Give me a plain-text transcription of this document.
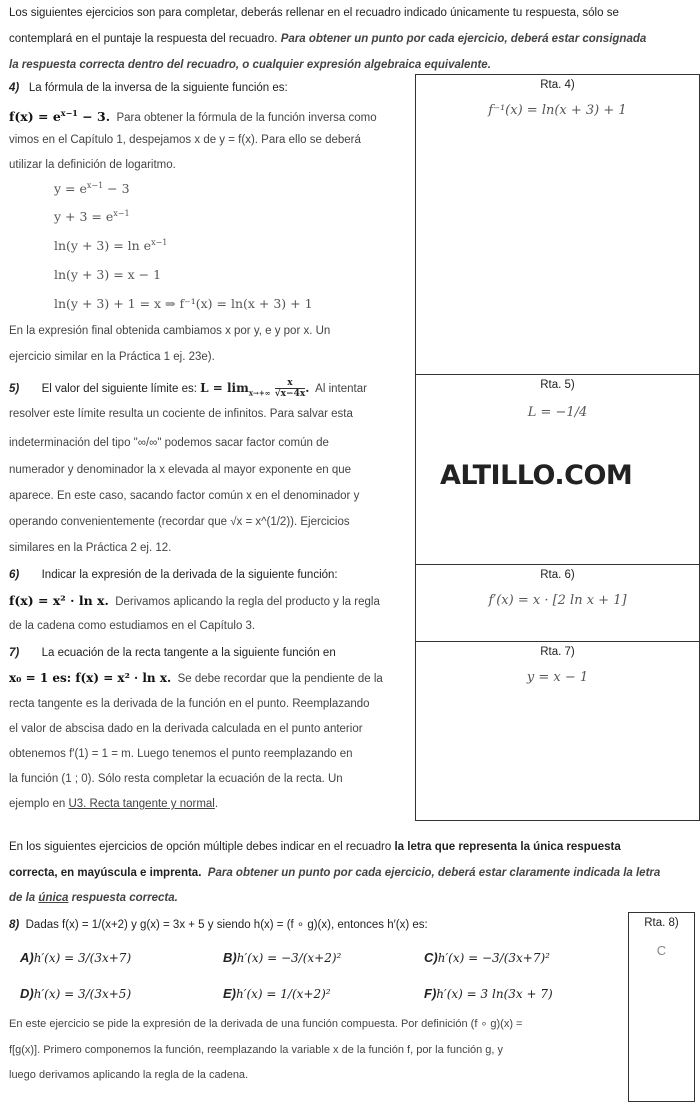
Los siguientes ejercicios son para completar, deberás rellenar en el recuadro indicado únicamente tu respuesta, sólo se
contemplará en el puntaje la respuesta del recuadro. Para obtener un punto por cada ejercicio, deberá estar consignada
la respuesta correcta dentro del recuadro, o cualquier expresión algebraica equivalente.
4) La fórmula de la inversa de la siguiente función es:
$f(x) = e^{x-1} - 3$. Para obtener la fórmula de la función inversa como
vimos en el Capítulo 1, despejamos x de y = f(x). Para ello se deberá
utilizar la definición de logaritmo.
$y = e^{x-1} - 3$
$y + 3 = e^{x-1}$
$\ln(y + 3) = \ln e^{x-1}$
ln(y + 3) = x − 1
ln(y + 3) + 1 = x ⇒ f⁻¹(x) = ln(x + 3) + 1
En la expresión final obtenida cambiamos x por y, e y por x. Un
ejercicio similar en la Práctica 1 ej. 23e).
Rta. 4)
f⁻¹(x) = ln(x + 3) + 1
5) El valor del siguiente límite es: $L = \lim_{x\to+\infty} \frac{x}{√x-4x}$ . Al intentar
resolver este límite resulta un cociente de infinitos. Para salvar esta
indeterminación del tipo "∞/∞" podemos sacar factor común de
numerador y denominador la x elevada al mayor exponente en que
aparece. En este caso, sacando factor común x en el denominador y
operando convenientemente (recordar que √x = x^(1/2)). Ejercicios
similares en la Práctica 2 ej. 12.
Rta. 5)
L = −1/4
ALTILLO.COM
6) Indicar la expresión de la derivada de la siguiente función:
f(x) = x² · ln x. Derivamos aplicando la regla del producto y la regla
de la cadena como estudiamos en el Capítulo 3.
Rta. 6)
f′(x) = x · [2 ln x + 1]
7) La ecuación de la recta tangente a la siguiente función en
x₀ = 1 es: f(x) = x² · ln x. Se debe recordar que la pendiente de la
recta tangente es la derivada de la función en el punto. Reemplazando
el valor de abscisa dado en la derivada calculada en el punto anterior
obtenemos f′(1) = 1 = m. Luego tenemos el punto reemplazando en
la función (1 ; 0). Sólo resta completar la ecuación de la recta. Un
ejemplo en U3. Recta tangente y normal.
Rta. 7)
y = x − 1
En los siguientes ejercicios de opción múltiple debes indicar en el recuadro la letra que representa la única respuesta
correcta, en mayúscula e imprenta. Para obtener un punto por cada ejercicio, deberá estar claramente indicada la letra
de la única respuesta correcta.
8) Dadas f(x) = 1/(x+2) y g(x) = 3x + 5 y siendo h(x) = (f ∘ g)(x), entonces h′(x) es:
A)h′(x) = 3/(3x+7)	B)h′(x) = −3/(x+2)²	C)h′(x) = −3/(3x+7)²
D)h′(x) = 3/(3x+5)	E)h′(x) = 1/(x+2)²	F)h′(x) = 3 ln(3x + 7)
En este ejercicio se pide la expresión de la derivada de una función compuesta. Por definición (f ∘ g)(x) =
f[g(x)]. Primero componemos la función, reemplazando la variable x de la función f, por la función g, y
luego derivamos aplicando la regla de la cadena.
Rta. 8)
C
